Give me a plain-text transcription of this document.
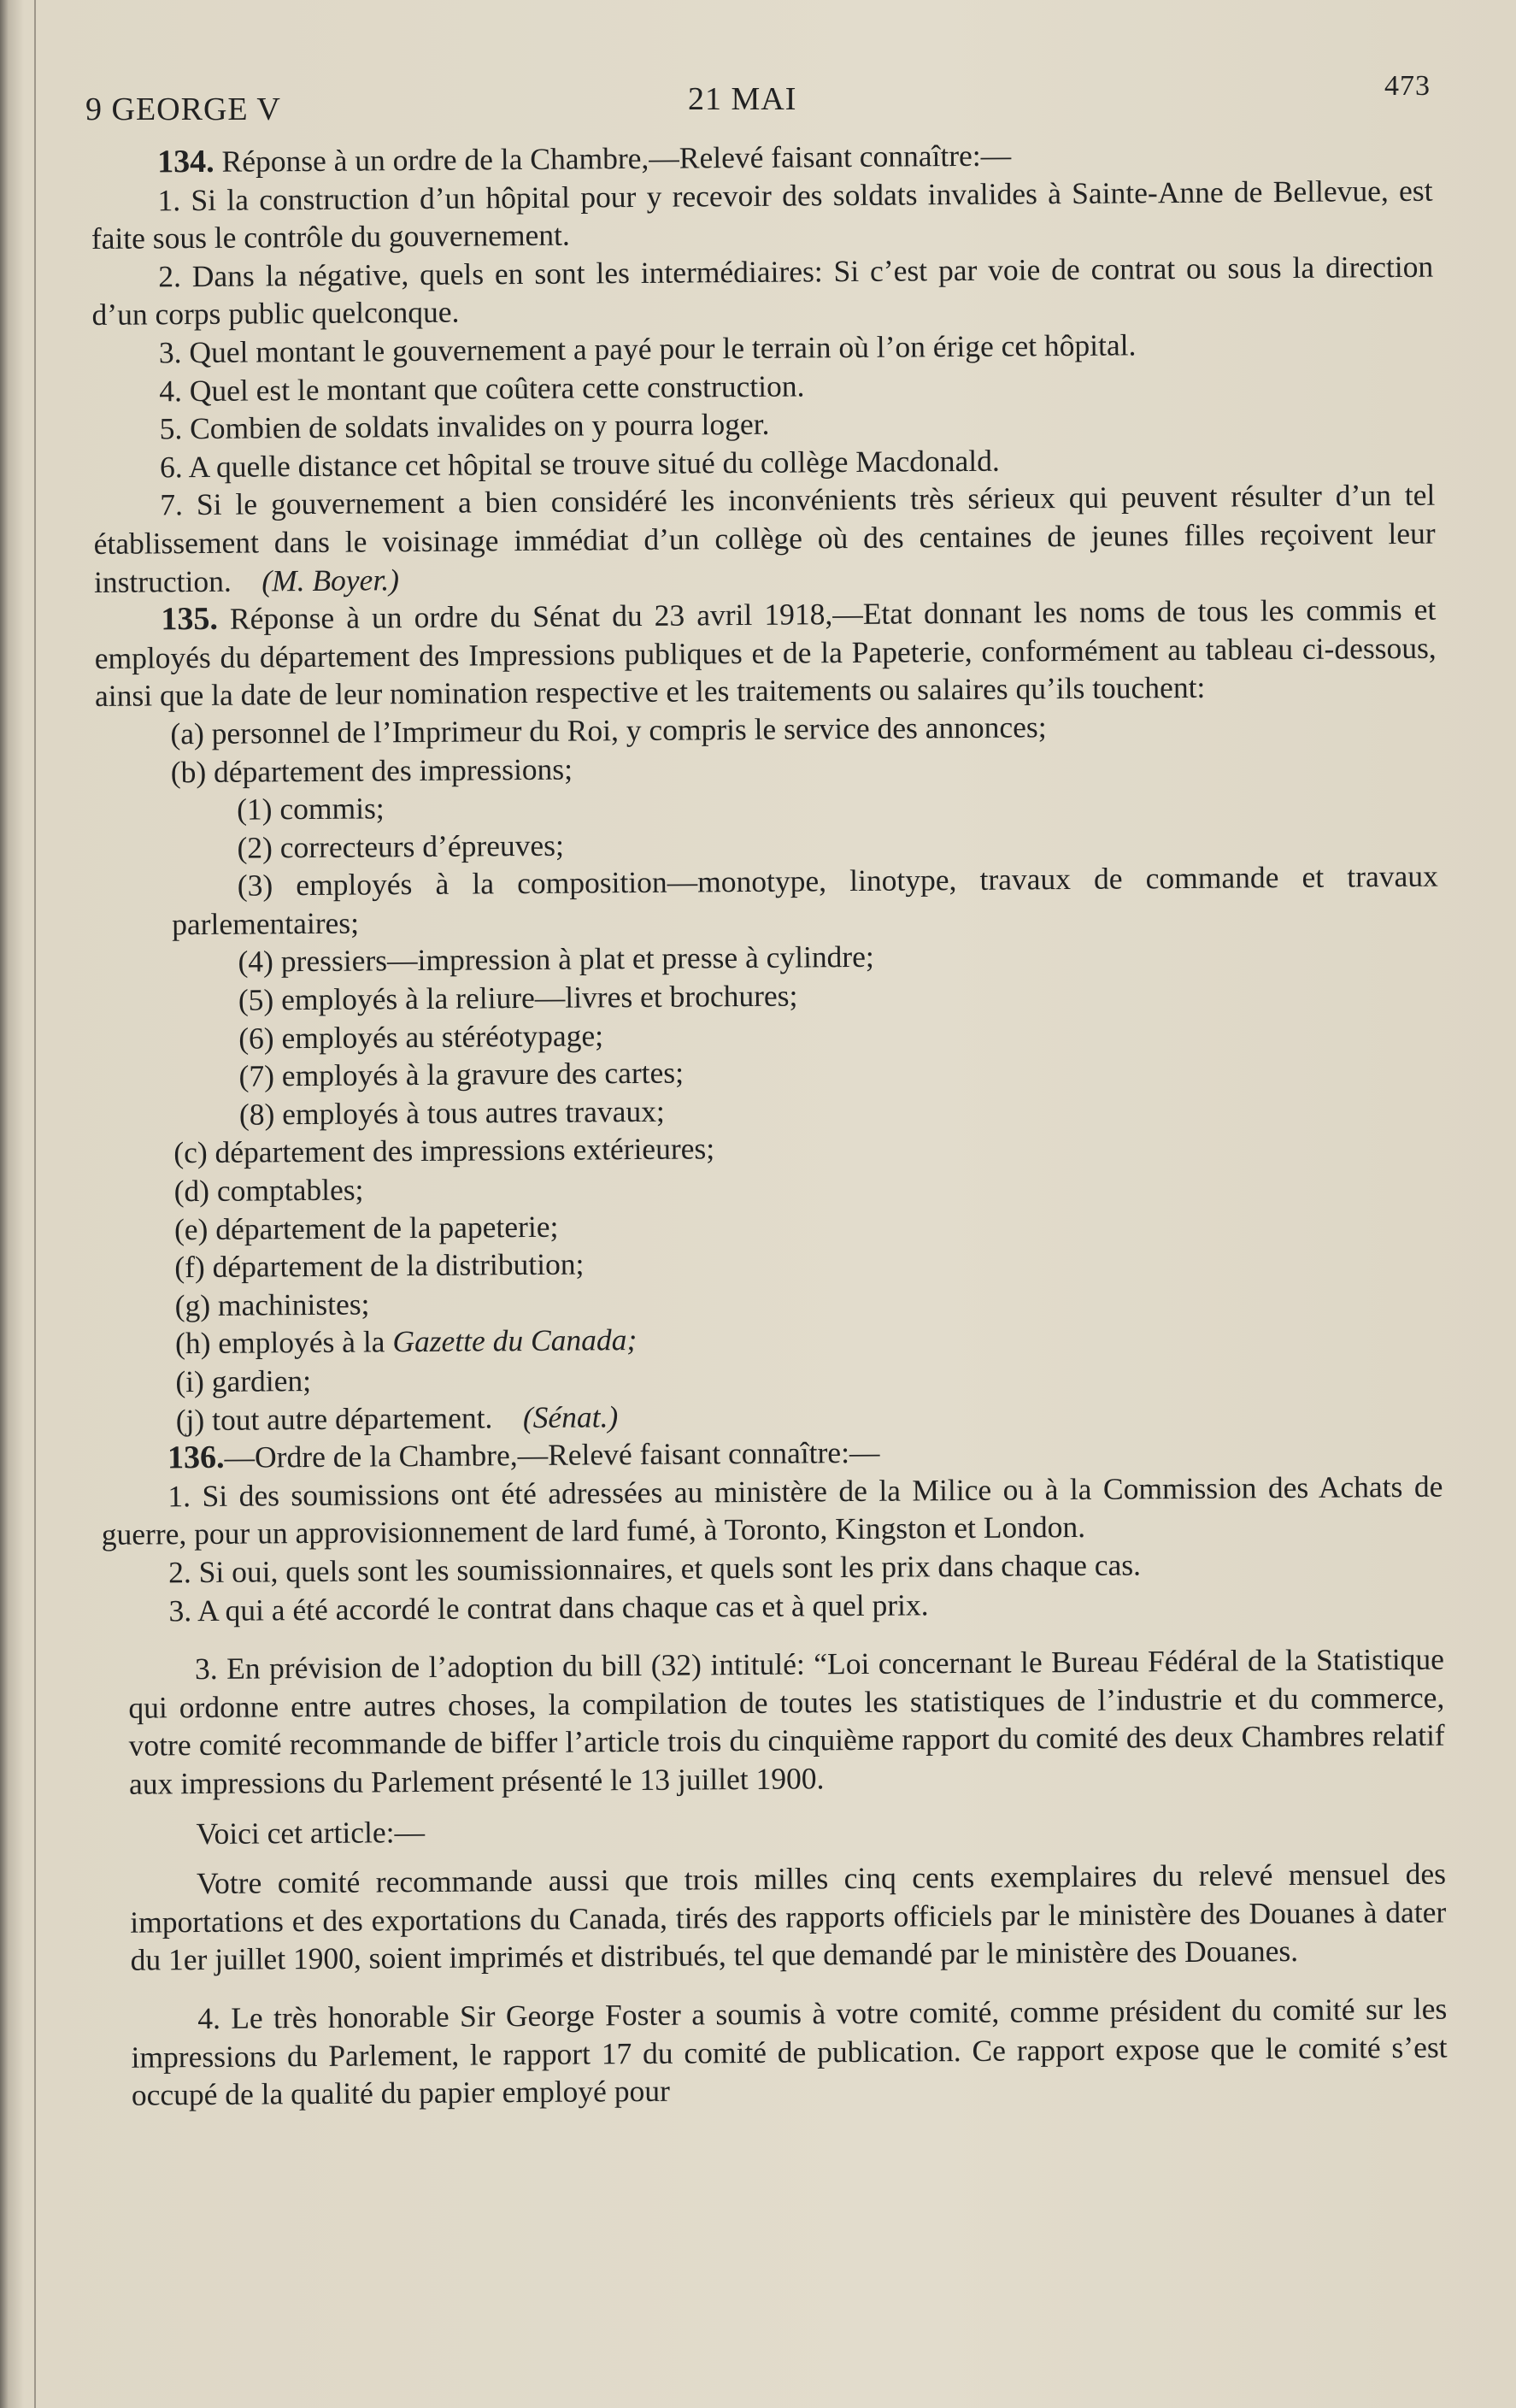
9 GEORGE V	21 MAI	473

134. Réponse à un ordre de la Chambre,—Relevé faisant connaître:—

1. Si la construction d’un hôpital pour y recevoir des soldats invalides à Sainte-Anne de Bellevue, est faite sous le contrôle du gouvernement.

2. Dans la négative, quels en sont les intermédiaires: Si c’est par voie de contrat ou sous la direction d’un corps public quelconque.

3. Quel montant le gouvernement a payé pour le terrain où l’on érige cet hôpital.

4. Quel est le montant que coûtera cette construction.

5. Combien de soldats invalides on y pourra loger.

6. A quelle distance cet hôpital se trouve situé du collège Macdonald.

7. Si le gouvernement a bien considéré les inconvénients très sérieux qui peuvent résulter d’un tel établissement dans le voisinage immédiat d’un collège où des centaines de jeunes filles reçoivent leur instruction. (M. Boyer.)

135. Réponse à un ordre du Sénat du 23 avril 1918,—Etat donnant les noms de tous les commis et employés du département des Impressions publiques et de la Papeterie, conformément au tableau ci-dessous, ainsi que la date de leur nomination respective et les traitements ou salaires qu’ils touchent:

(a) personnel de l’Imprimeur du Roi, y compris le service des annonces;

(b) département des impressions;

(1) commis;

(2) correcteurs d’épreuves;

(3) employés à la composition—monotype, linotype, travaux de commande et travaux parlementaires;

(4) pressiers—impression à plat et presse à cylindre;

(5) employés à la reliure—livres et brochures;

(6) employés au stéréotypage;

(7) employés à la gravure des cartes;

(8) employés à tous autres travaux;

(c) département des impressions extérieures;

(d) comptables;

(e) département de la papeterie;

(f) département de la distribution;

(g) machinistes;

(h) employés à la Gazette du Canada;

(i) gardien;

(j) tout autre département. (Sénat.)

136.—Ordre de la Chambre,—Relevé faisant connaître:—

1. Si des soumissions ont été adressées au ministère de la Milice ou à la Commission des Achats de guerre, pour un approvisionnement de lard fumé, à Toronto, Kingston et London.

2. Si oui, quels sont les soumissionnaires, et quels sont les prix dans chaque cas.

3. A qui a été accordé le contrat dans chaque cas et à quel prix.

3. En prévision de l’adoption du bill (32) intitulé: “Loi concernant le Bureau Fédéral de la Statistique qui ordonne entre autres choses, la compilation de toutes les statistiques de l’industrie et du commerce, votre comité recommande de biffer l’article trois du cinquième rapport du comité des deux Chambres relatif aux impressions du Parlement présenté le 13 juillet 1900.

Voici cet article:—

Votre comité recommande aussi que trois milles cinq cents exemplaires du relevé mensuel des importations et des exportations du Canada, tirés des rapports officiels par le ministère des Douanes à dater du 1er juillet 1900, soient imprimés et distribués, tel que demandé par le ministère des Douanes.

4. Le très honorable Sir George Foster a soumis à votre comité, comme président du comité sur les impressions du Parlement, le rapport 17 du comité de publication. Ce rapport expose que le comité s’est occupé de la qualité du papier employé pour
